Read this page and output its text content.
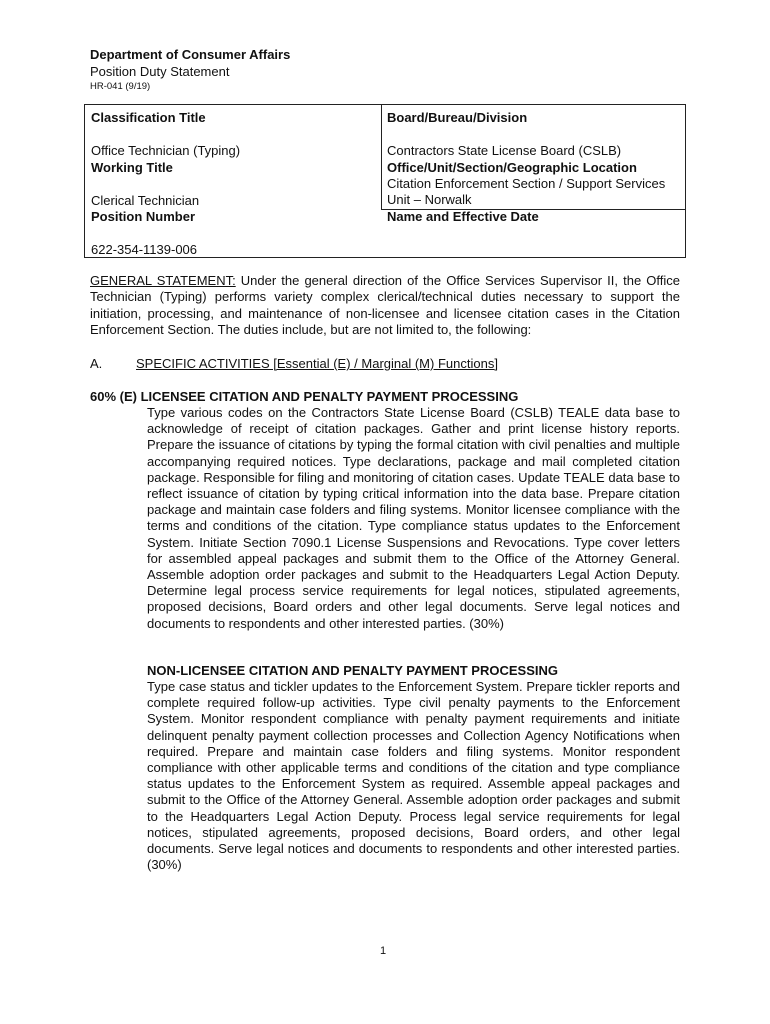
Department of Consumer Affairs
Position Duty Statement
HR-041 (9/19)
Classification Title
Office Technician (Typing)
Working Title
Clerical Technician
Position Number
622-354-1139-006
Board/Bureau/Division
Contractors State License Board (CSLB)
Office/Unit/Section/Geographic Location
Citation Enforcement Section / Support Services
Unit – Norwalk
Name and Effective Date
GENERAL STATEMENT: Under the general direction of the Office Services Supervisor II, the Office Technician (Typing) performs variety complex clerical/technical duties necessary to support the initiation, processing, and maintenance of non-licensee and licensee citation cases in the Citation Enforcement Section. The duties include, but are not limited to, the following:
A.	SPECIFIC ACTIVITIES [Essential (E) / Marginal (M) Functions]
60% (E) LICENSEE CITATION AND PENALTY PAYMENT PROCESSING
Type various codes on the Contractors State License Board (CSLB) TEALE data base to acknowledge of receipt of citation packages. Gather and print license history reports. Prepare the issuance of citations by typing the formal citation with civil penalties and multiple accompanying required notices. Type declarations, package and mail completed citation package. Responsible for filing and monitoring of citation cases. Update TEALE data base to reflect issuance of citation by typing critical information into the data base. Prepare citation package and maintain case folders and filing systems. Monitor licensee compliance with the terms and conditions of the citation. Type compliance status updates to the Enforcement System. Initiate Section 7090.1 License Suspensions and Revocations. Type cover letters for assembled appeal packages and submit them to the Office of the Attorney General. Assemble adoption order packages and submit to the Headquarters Legal Action Deputy. Determine legal process service requirements for legal notices, stipulated agreements, proposed decisions, Board orders and other legal documents. Serve legal notices and documents to respondents and other interested parties. (30%)
NON-LICENSEE CITATION AND PENALTY PAYMENT PROCESSING
Type case status and tickler updates to the Enforcement System. Prepare tickler reports and complete required follow-up activities. Type civil penalty payments to the Enforcement System. Monitor respondent compliance with penalty payment requirements and initiate delinquent penalty payment collection processes and Collection Agency Notifications when required. Prepare and maintain case folders and filing systems. Monitor respondent compliance with other applicable terms and conditions of the citation and type compliance status updates to the Enforcement System as required. Assemble appeal packages and submit to the Office of the Attorney General. Assemble adoption order packages and submit to the Headquarters Legal Action Deputy. Process legal service requirements for legal notices, stipulated agreements, proposed decisions, Board orders, and other legal documents. Serve legal notices and documents to respondents and other interested parties. (30%)
1
